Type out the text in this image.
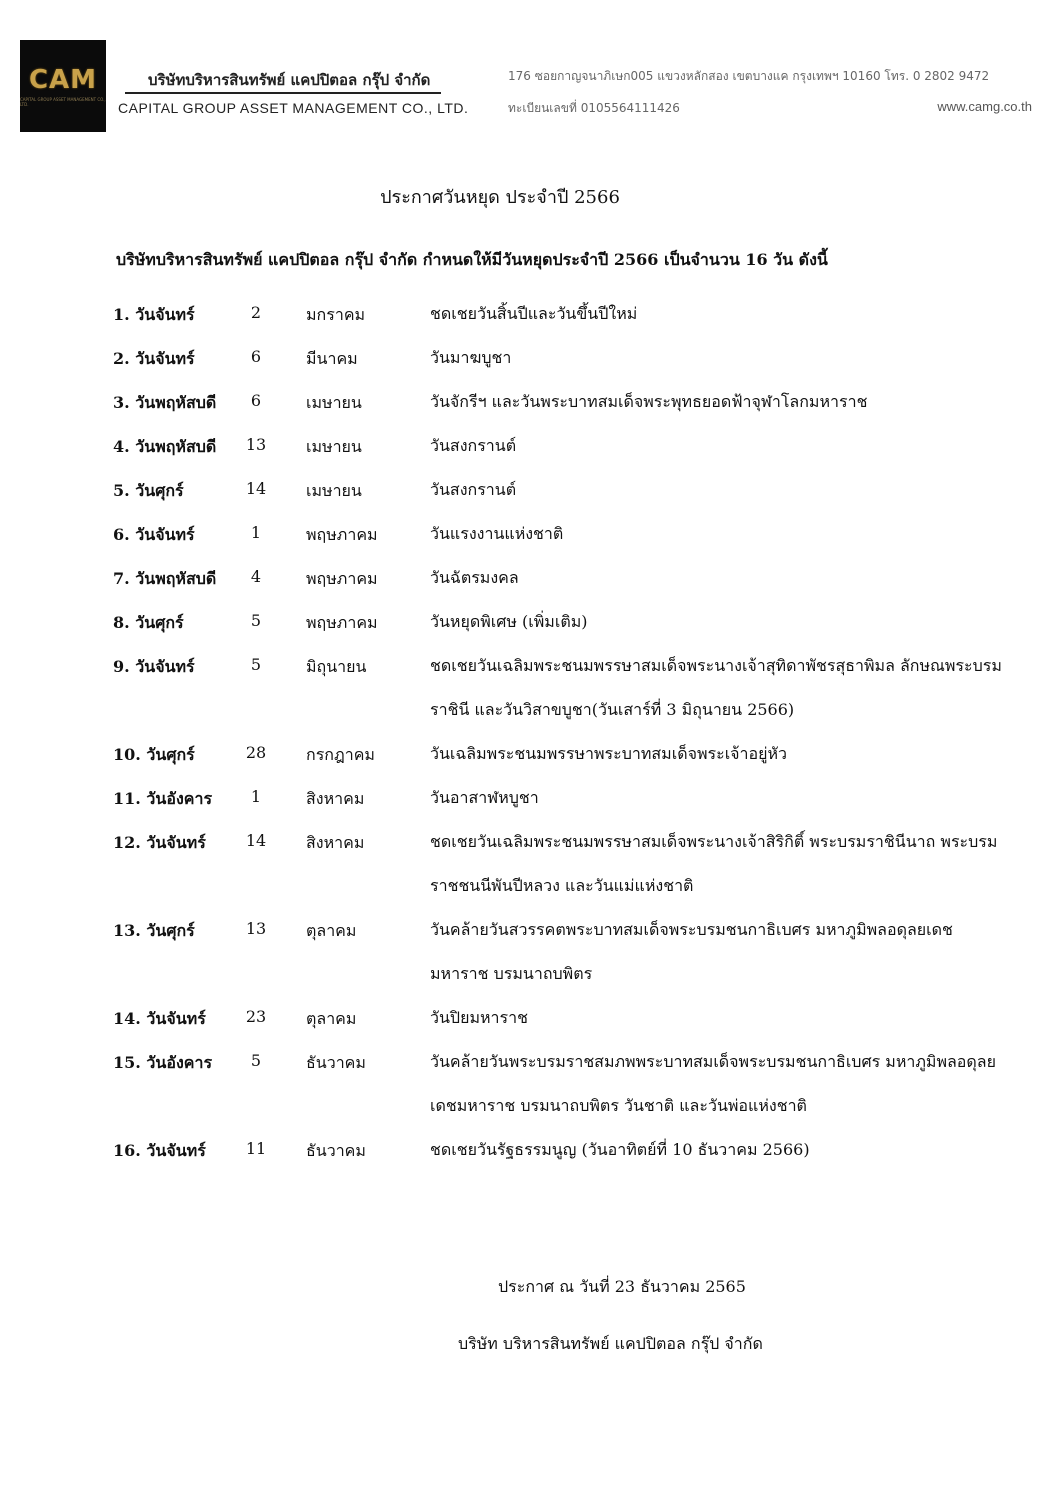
CAM
CAPITAL GROUP ASSET MANAGEMENT CO., LTD.
บริษัทบริหารสินทรัพย์ แคปปิตอล กรุ๊ป จำกัด
CAPITAL GROUP ASSET MANAGEMENT CO., LTD.
176 ซอยกาญจนาภิเษก005 แขวงหลักสอง เขตบางแค กรุงเทพฯ 10160 โทร. 0 2802 9472
ทะเบียนเลขที่ 0105564111426	www.camg.co.th
ประกาศวันหยุด ประจำปี 2566
บริษัทบริหารสินทรัพย์ แคปปิตอล กรุ๊ป จำกัด กำหนดให้มีวันหยุดประจำปี 2566 เป็นจำนวน 16 วัน ดังนี้
1. วันจันทร์	2	มกราคม	ชดเชยวันสิ้นปีและวันขึ้นปีใหม่
2. วันจันทร์	6	มีนาคม	วันมาฆบูชา
3. วันพฤหัสบดี	6	เมษายน	วันจักรีฯ และวันพระบาทสมเด็จพระพุทธยอดฟ้าจุฬาโลกมหาราช
4. วันพฤหัสบดี	13	เมษายน	วันสงกรานต์
5. วันศุกร์	14	เมษายน	วันสงกรานต์
6. วันจันทร์	1	พฤษภาคม	วันแรงงานแห่งชาติ
7. วันพฤหัสบดี	4	พฤษภาคม	วันฉัตรมงคล
8. วันศุกร์	5	พฤษภาคม	วันหยุดพิเศษ (เพิ่มเติม)
9. วันจันทร์	5	มิถุนายน	ชดเชยวันเฉลิมพระชนมพรรษาสมเด็จพระนางเจ้าสุทิดาพัชรสุธาพิมล ลักษณพระบรมราชินี และวันวิสาขบูชา(วันเสาร์ที่ 3 มิถุนายน 2566)
10. วันศุกร์	28	กรกฎาคม	วันเฉลิมพระชนมพรรษาพระบาทสมเด็จพระเจ้าอยู่หัว
11. วันอังคาร	1	สิงหาคม	วันอาสาฬหบูชา
12. วันจันทร์	14	สิงหาคม	ชดเชยวันเฉลิมพระชนมพรรษาสมเด็จพระนางเจ้าสิริกิติ์ พระบรมราชินีนาถ พระบรมราชชนนีพันปีหลวง และวันแม่แห่งชาติ
13. วันศุกร์	13	ตุลาคม	วันคล้ายวันสวรรคตพระบาทสมเด็จพระบรมชนกาธิเบศร มหาภูมิพลอดุลยเดชมหาราช บรมนาถบพิตร
14. วันจันทร์	23	ตุลาคม	วันปิยมหาราช
15. วันอังคาร	5	ธันวาคม	วันคล้ายวันพระบรมราชสมภพพระบาทสมเด็จพระบรมชนกาธิเบศร มหาภูมิพลอดุลยเดชมหาราช บรมนาถบพิตร วันชาติ และวันพ่อแห่งชาติ
16. วันจันทร์	11	ธันวาคม	ชดเชยวันรัฐธรรมนูญ (วันอาทิตย์ที่ 10 ธันวาคม 2566)
ประกาศ ณ วันที่ 23 ธันวาคม 2565
บริษัท บริหารสินทรัพย์ แคปปิตอล กรุ๊ป จำกัด
